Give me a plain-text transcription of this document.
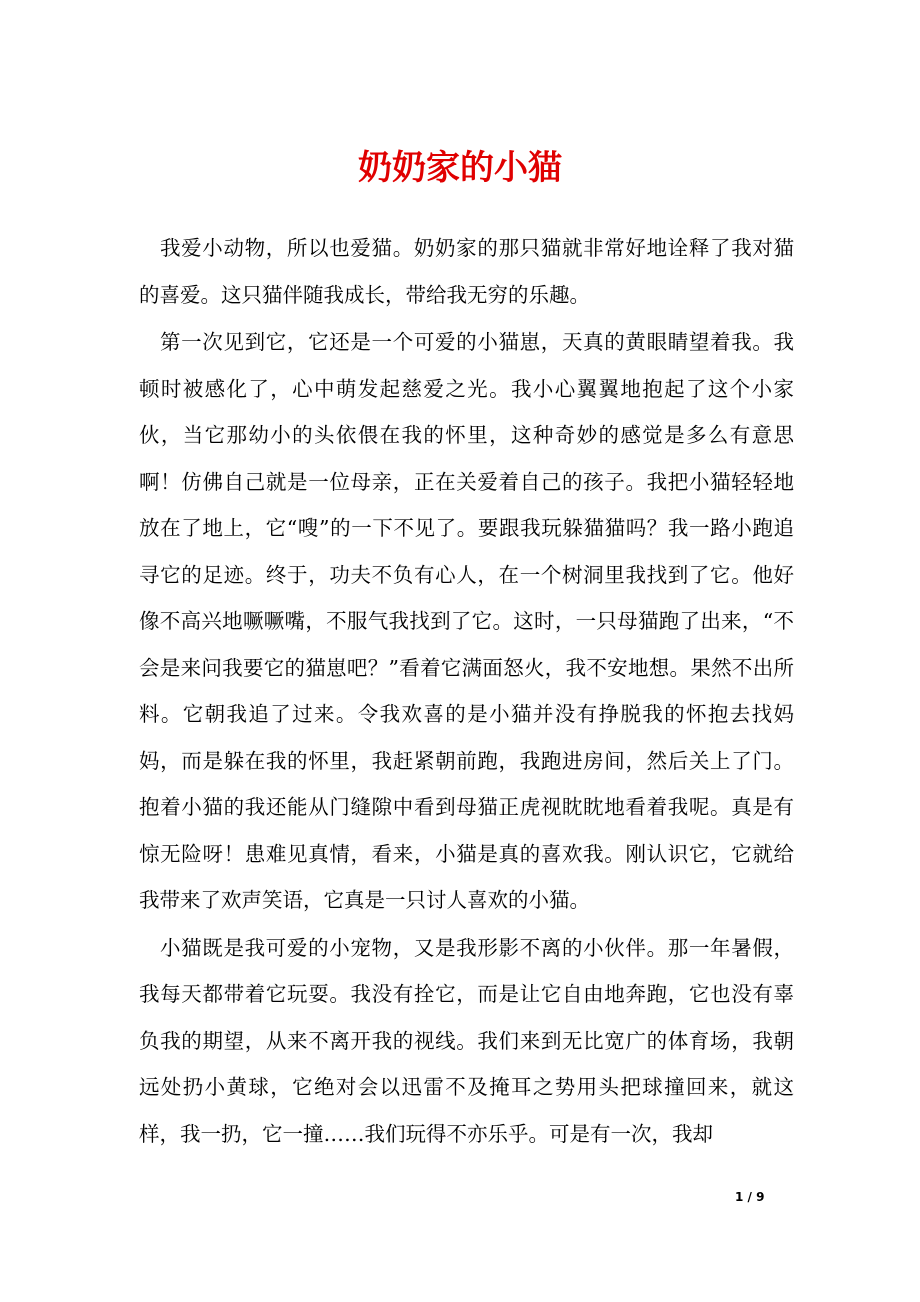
奶奶家的小猫

我爱小动物，所以也爱猫。奶奶家的那只猫就非常好地诠释了我对猫的喜爱。这只猫伴随我成长，带给我无穷的乐趣。

第一次见到它，它还是一个可爱的小猫崽，天真的黄眼睛望着我。我顿时被感化了，心中萌发起慈爱之光。我小心翼翼地抱起了这个小家伙，当它那幼小的头依偎在我的怀里，这种奇妙的感觉是多么有意思啊！仿佛自己就是一位母亲，正在关爱着自己的孩子。我把小猫轻轻地放在了地上，它“嗖”的一下不见了。要跟我玩躲猫猫吗？我一路小跑追寻它的足迹。终于，功夫不负有心人，在一个树洞里我找到了它。他好像不高兴地噘噘嘴，不服气我找到了它。这时，一只母猫跑了出来，“不会是来问我要它的猫崽吧？”看着它满面怒火，我不安地想。果然不出所料。它朝我追了过来。令我欢喜的是小猫并没有挣脱我的怀抱去找妈妈，而是躲在我的怀里，我赶紧朝前跑，我跑进房间，然后关上了门。抱着小猫的我还能从门缝隙中看到母猫正虎视眈眈地看着我呢。真是有惊无险呀！患难见真情，看来，小猫是真的喜欢我。刚认识它，它就给我带来了欢声笑语，它真是一只讨人喜欢的小猫。

小猫既是我可爱的小宠物，又是我形影不离的小伙伴。那一年暑假，我每天都带着它玩耍。我没有拴它，而是让它自由地奔跑，它也没有辜负我的期望，从来不离开我的视线。我们来到无比宽广的体育场，我朝远处扔小黄球，它绝对会以迅雷不及掩耳之势用头把球撞回来，就这样，我一扔，它一撞……我们玩得不亦乐乎。可是有一次，我却

1 / 9
